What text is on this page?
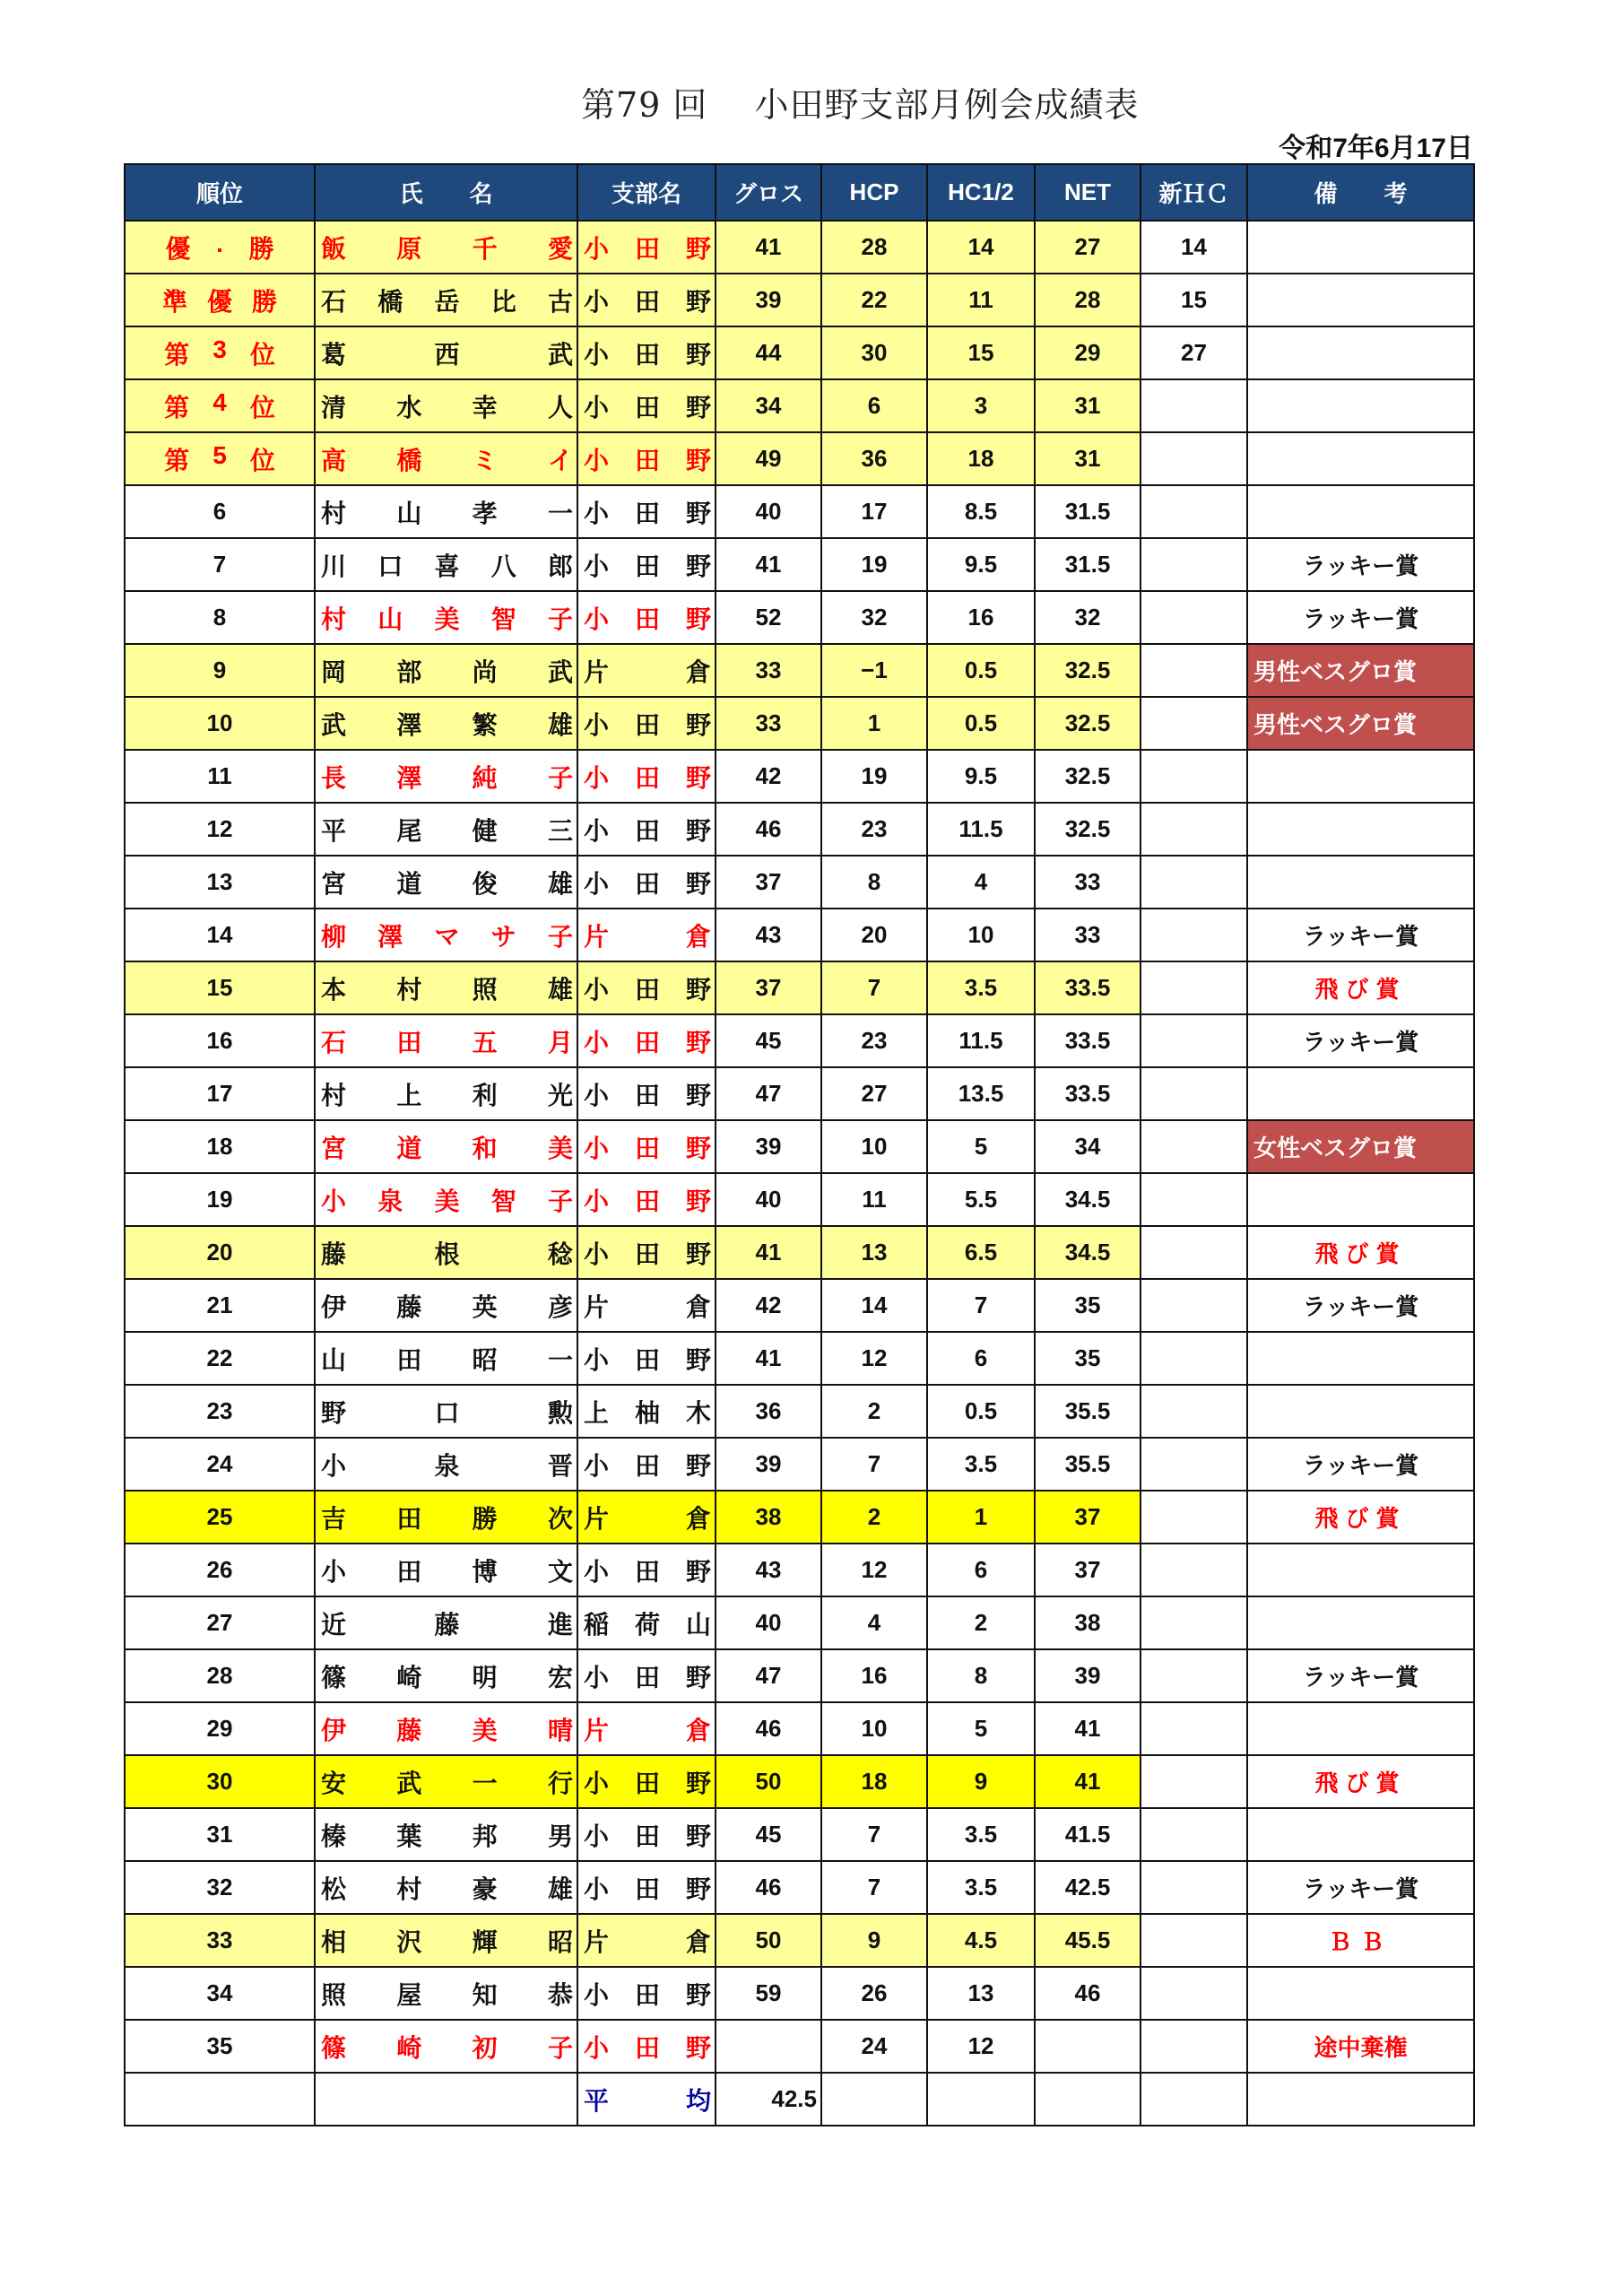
第79 回　 小田野支部月例会成績表
令和7年6月17日
順位	氏　　名	支部名	グロス	HCP	HC1/2	NET	新ＨＣ	備　　考

優 . 勝	飯 原 千 愛	小 田 野	41	28	14	27	14	

準 優 勝	石 橋 岳 比 古	小 田 野	39	22	11	28	15	

第 3 位	葛 西 武	小 田 野	44	30	15	29	27	

第 4 位	清 水 幸 人	小 田 野	34	6	3	31		

第 5 位	高 橋 ミ イ	小 田 野	49	36	18	31		
6	村 山 孝 一	小 田 野	40	17	8.5	31.5		
7	川 口 喜 八 郎	小 田 野	41	19	9.5	31.5		ラッキー賞
8	村 山 美 智 子	小 田 野	52	32	16	32		ラッキー賞
9	岡 部 尚 武	片 倉	33	−1	0.5	32.5		男性ベスグロ賞
10	武 澤 繁 雄	小 田 野	33	1	0.5	32.5		男性ベスグロ賞
11	長 澤 純 子	小 田 野	42	19	9.5	32.5		
12	平 尾 健 三	小 田 野	46	23	11.5	32.5		
13	宮 道 俊 雄	小 田 野	37	8	4	33		
14	柳 澤 マ サ 子	片 倉	43	20	10	33		ラッキー賞
15	本 村 照 雄	小 田 野	37	7	3.5	33.5		飛び賞
16	石 田 五 月	小 田 野	45	23	11.5	33.5		ラッキー賞
17	村 上 利 光	小 田 野	47	27	13.5	33.5		
18	宮 道 和 美	小 田 野	39	10	5	34		女性ベスグロ賞
19	小 泉 美 智 子	小 田 野	40	11	5.5	34.5		
20	藤 根 稔	小 田 野	41	13	6.5	34.5		飛び賞
21	伊 藤 英 彦	片 倉	42	14	7	35		ラッキー賞
22	山 田 昭 一	小 田 野	41	12	6	35		
23	野 口 勲	上 柚 木	36	2	0.5	35.5		
24	小 泉 晋	小 田 野	39	7	3.5	35.5		ラッキー賞
25	吉 田 勝 次	片 倉	38	2	1	37		飛び賞
26	小 田 博 文	小 田 野	43	12	6	37		
27	近 藤 進	稲 荷 山	40	4	2	38		
28	篠 崎 明 宏	小 田 野	47	16	8	39		ラッキー賞
29	伊 藤 美 晴	片 倉	46	10	5	41		
30	安 武 一 行	小 田 野	50	18	9	41		飛び賞
31	榛 葉 邦 男	小 田 野	45	7	3.5	41.5		
32	松 村 豪 雄	小 田 野	46	7	3.5	42.5		ラッキー賞
33	相 沢 輝 昭	片 倉	50	9	4.5	45.5		ＢＢ
34	照 屋 知 恭	小 田 野	59	26	13	46		
35	篠 崎 初 子	小 田 野		24	12			途中棄権

		平 均	42.5					
